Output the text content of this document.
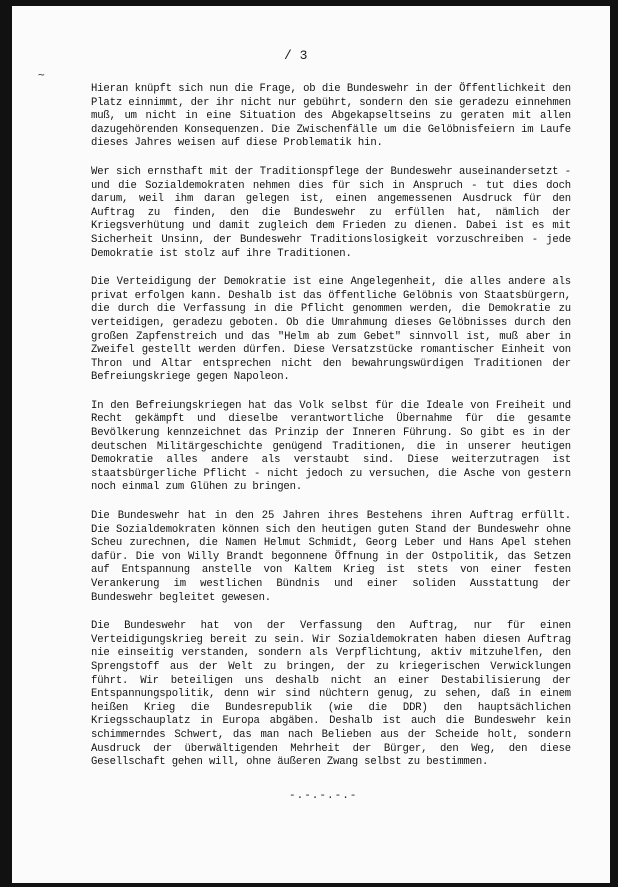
/ 3
~

Hieran knüpft sich nun die Frage, ob die Bundeswehr in der Öffentlichkeit den Platz einnimmt, der ihr nicht nur gebührt, sondern den sie geradezu einnehmen muß, um nicht in eine Situation des Abgekapseltseins zu geraten mit allen dazugehörenden Konsequenzen. Die Zwischenfälle um die Gelöbnisfeiern im Laufe dieses Jahres weisen auf diese Problematik hin.

Wer sich ernsthaft mit der Traditionspflege der Bundeswehr auseinandersetzt - und die Sozialdemokraten nehmen dies für sich in Anspruch - tut dies doch darum, weil ihm daran gelegen ist, einen angemessenen Ausdruck für den Auftrag zu finden, den die Bundeswehr zu erfüllen hat, nämlich der Kriegsverhütung und damit zugleich dem Frieden zu dienen. Dabei ist es mit Sicherheit Unsinn, der Bundeswehr Traditionslosigkeit vorzuschreiben - jede Demokratie ist stolz auf ihre Traditionen.

Die Verteidigung der Demokratie ist eine Angelegenheit, die alles andere als privat erfolgen kann. Deshalb ist das öffentliche Gelöbnis von Staatsbürgern, die durch die Verfassung in die Pflicht genommen werden, die Demokratie zu verteidigen, geradezu geboten. Ob die Umrahmung dieses Gelöbnisses durch den großen Zapfenstreich und das "Helm ab zum Gebet" sinnvoll ist, muß aber in Zweifel gestellt werden dürfen. Diese Versatzstücke romantischer Einheit von Thron und Altar entsprechen nicht den bewahrungswürdigen Traditionen der Befreiungskriege gegen Napoleon.

In den Befreiungskriegen hat das Volk selbst für die Ideale von Freiheit und Recht gekämpft und dieselbe verantwortliche Übernahme für die gesamte Bevölkerung kennzeichnet das Prinzip der Inneren Führung. So gibt es in der deutschen Militärgeschichte genügend Traditionen, die in unserer heutigen Demokratie alles andere als verstaubt sind. Diese weiterzutragen ist staatsbürgerliche Pflicht - nicht jedoch zu versuchen, die Asche von gestern noch einmal zum Glühen zu bringen.

Die Bundeswehr hat in den 25 Jahren ihres Bestehens ihren Auftrag erfüllt. Die Sozialdemokraten können sich den heutigen guten Stand der Bundeswehr ohne Scheu zurechnen, die Namen Helmut Schmidt, Georg Leber und Hans Apel stehen dafür. Die von Willy Brandt begonnene Öffnung in der Ostpolitik, das Setzen auf Entspannung anstelle von Kaltem Krieg ist stets von einer festen Verankerung im westlichen Bündnis und einer soliden Ausstattung der Bundeswehr begleitet gewesen.

Die Bundeswehr hat von der Verfassung den Auftrag, nur für einen Verteidigungskrieg bereit zu sein. Wir Sozialdemokraten haben diesen Auftrag nie einseitig verstanden, sondern als Verpflichtung, aktiv mitzuhelfen, den Sprengstoff aus der Welt zu bringen, der zu kriegerischen Verwicklungen führt. Wir beteiligen uns deshalb nicht an einer Destabilisierung der Entspannungspolitik, denn wir sind nüchtern genug, zu sehen, daß in einem heißen Krieg die Bundesrepublik (wie die DDR) den hauptsächlichen Kriegsschauplatz in Europa abgäben. Deshalb ist auch die Bundeswehr kein schimmerndes Schwert, das man nach Belieben aus der Scheide holt, sondern Ausdruck der überwältigenden Mehrheit der Bürger, den Weg, den diese Gesellschaft gehen will, ohne äußeren Zwang selbst zu bestimmen.

-.-.-.-.-
